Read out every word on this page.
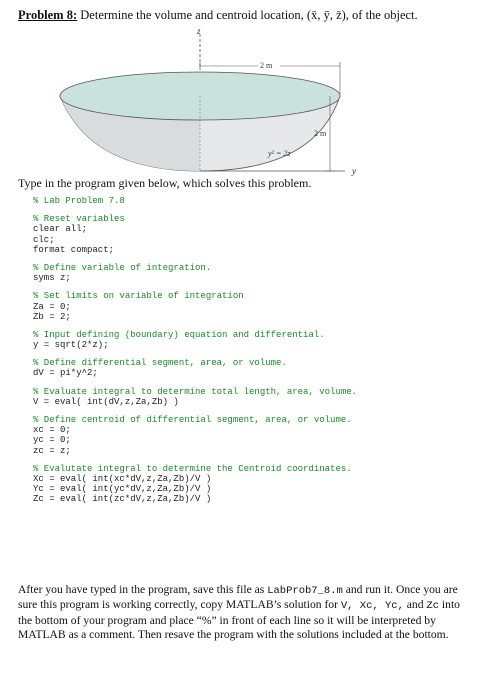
Problem 8: Determine the volume and centroid location, (x̄, ȳ, z̄), of the object.
z
y
2 m
2 m
y² = 2z
Type in the program given below, which solves this problem.
% Lab Problem 7.8
% Reset variables
clear all;
clc;
format compact;
% Define variable of integration.
syms z;
% Set limits on variable of integration
Za = 0;
Zb = 2;
% Input defining (boundary) equation and differential.
y = sqrt(2*z);
% Define differential segment, area, or volume.
dV = pi*y^2;
% Evaluate integral to determine total length, area, volume.
V = eval( int(dV,z,Za,Zb) )
% Define centroid of differential segment, area, or volume.
xc = 0;
yc = 0;
zc = z;
% Evalutate integral to determine the Centroid coordinates.
Xc = eval( int(xc*dV,z,Za,Zb)/V )
Yc = eval( int(yc*dV,z,Za,Zb)/V )
Zc = eval( int(zc*dV,z,Za,Zb)/V )
After you have typed in the program, save this file as LabProb7_8.m and run it. Once you are sure this program is working correctly, copy MATLAB’s solution for V, Xc, Yc, and Zc into the bottom of your program and place “%” in front of each line so it will be interpreted by MATLAB as a comment. Then resave the program with the solutions included at the bottom.
